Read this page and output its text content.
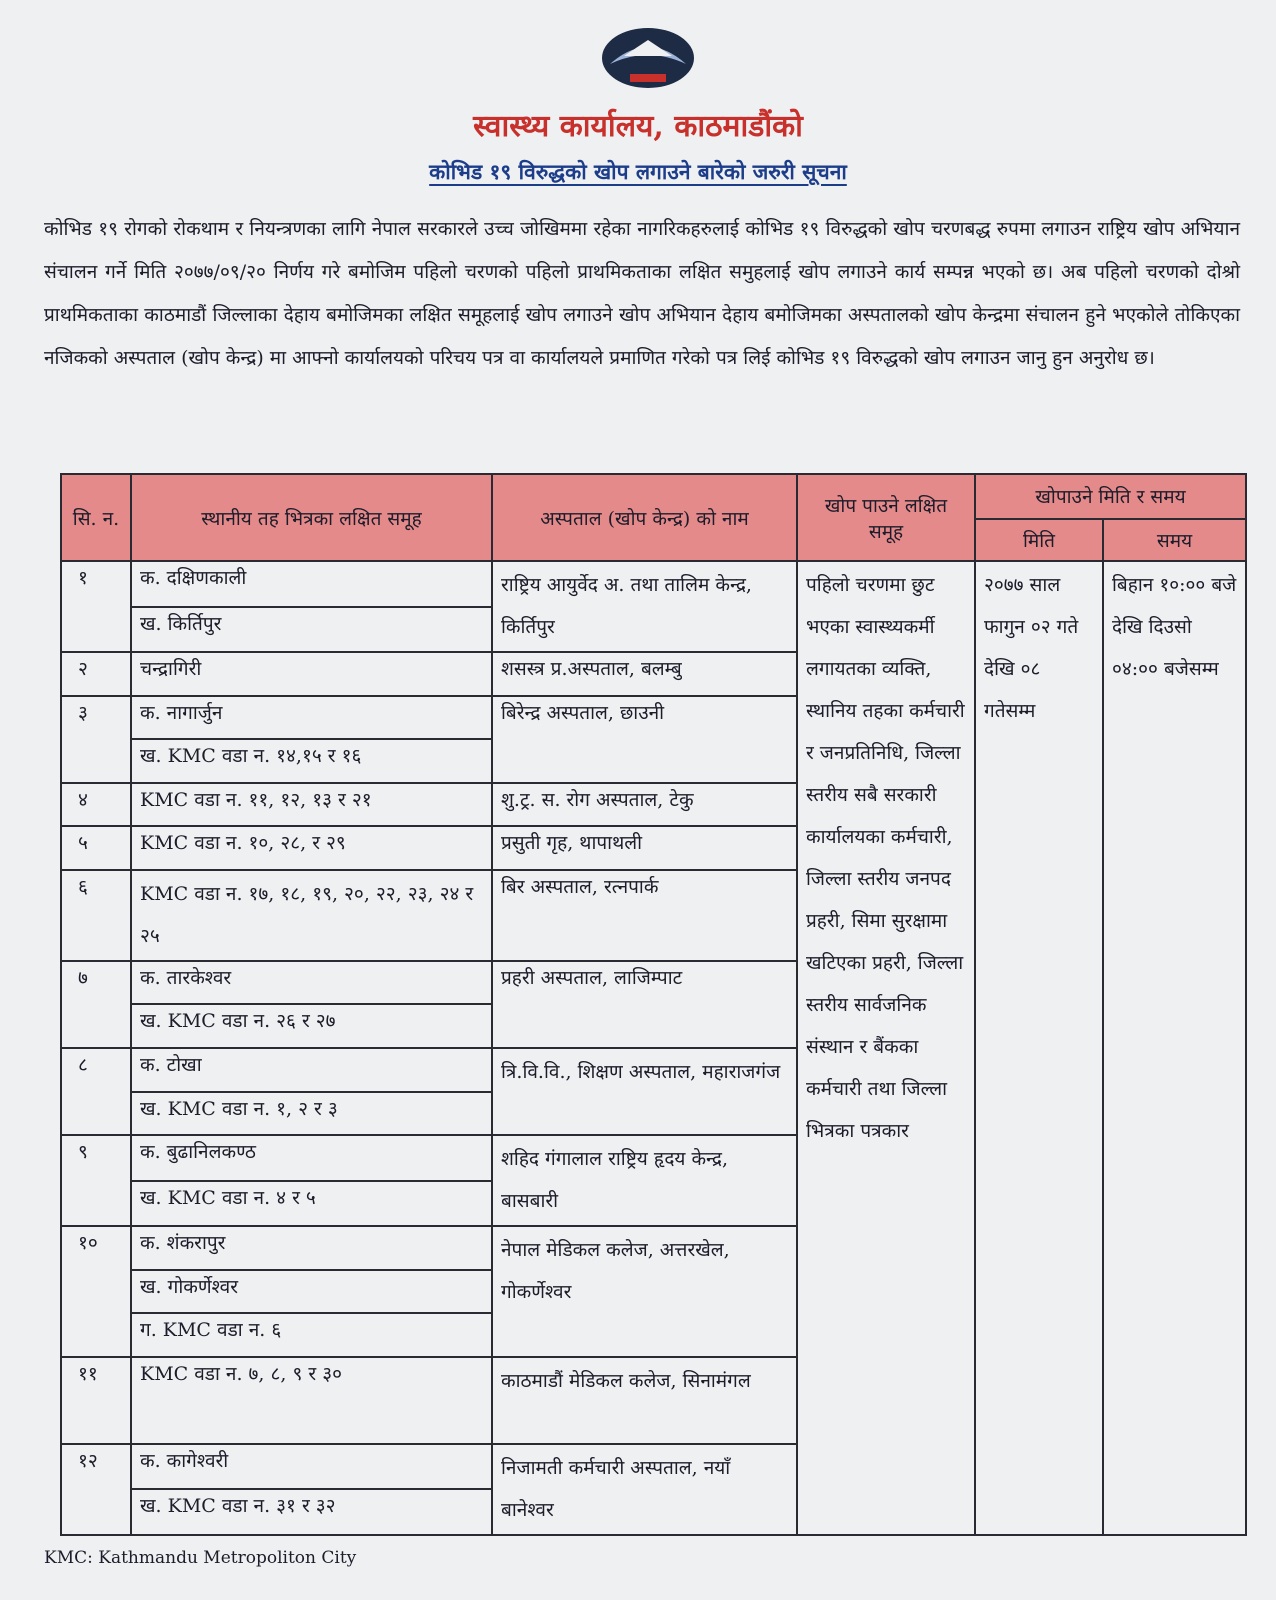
स्वास्थ्य कार्यालय, काठमाडौंको
कोभिड १९ विरुद्धको खोप लगाउने बारेको जरुरी सूचना
कोभिड १९ रोगको रोकथाम र नियन्त्रणका लागि नेपाल सरकारले उच्च जोखिममा रहेका नागरिकहरुलाई कोभिड १९ विरुद्धको खोप चरणबद्ध रुपमा लगाउन राष्ट्रिय खोप अभियान संचालन गर्ने मिति २०७७/०९/२० निर्णय गरे बमोजिम पहिलो चरणको पहिलो प्राथमिकताका लक्षित समुहलाई खोप लगाउने कार्य सम्पन्न भएको छ। अब पहिलो चरणको दोश्रो प्राथमिकताका काठमाडौं जिल्लाका देहाय बमोजिमका लक्षित समूहलाई खोप लगाउने खोप अभियान देहाय बमोजिमका अस्पतालको खोप केन्द्रमा संचालन हुने भएकोले तोकिएका नजिकको अस्पताल (खोप केन्द्र) मा आफ्नो कार्यालयको परिचय पत्र वा कार्यालयले प्रमाणित गरेको पत्र लिई कोभिड १९ विरुद्धको खोप लगाउन जानु हुन अनुरोध छ।
सि. न.	स्थानीय तह भित्रका लक्षित समूह	अस्पताल (खोप केन्द्र) को नाम	खोप पाउने लक्षित समूह	खोपाउने मिति र समय	
				मिति	समय
१	क. दक्षिणकाली	राष्ट्रिय आयुर्वेद अ. तथा तालिम केन्द्र, किर्तिपुर	पहिलो चरणमा छुट भएका स्वास्थ्यकर्मी लगायतका व्यक्ति, स्थानिय तहका कर्मचारी र जनप्रतिनिधि, जिल्ला स्तरीय सबै सरकारी कार्यालयका कर्मचारी, जिल्ला स्तरीय जनपद प्रहरी, सिमा सुरक्षामा खटिएका प्रहरी, जिल्ला स्तरीय सार्वजनिक संस्थान र बैंकका कर्मचारी तथा जिल्ला भित्रका पत्रकार	२०७७ साल फागुन ०२ गते देखि ०८ गतेसम्म	बिहान १०:०० बजे देखि दिउसो ०४:०० बजेसम्म
	ख. किर्तिपुर				
२	चन्द्रागिरी	शसस्त्र प्र.अस्पताल, बलम्बु			
३	क. नागार्जुन	बिरेन्द्र अस्पताल, छाउनी			
	ख. KMC वडा न. १४,१५ र १६				
४	KMC वडा न. ११, १२, १३ र २१	शु.ट्र. स. रोग अस्पताल, टेकु			
५	KMC वडा न. १०, २८, र २९	प्रसुती गृह, थापाथली			
६	KMC वडा न. १७, १८, १९, २०, २२, २३, २४ र २५	बिर अस्पताल, रत्नपार्क			
७	क. तारकेश्वर	प्रहरी अस्पताल, लाजिम्पाट			
	ख. KMC वडा न. २६ र २७				
८	क. टोखा	त्रि.वि.वि., शिक्षण अस्पताल, महाराजगंज			
	ख. KMC वडा न. १, २ र ३				
९	क. बुढानिलकण्ठ	शहिद गंगालाल राष्ट्रिय हृदय केन्द्र, बासबारी			
	ख. KMC वडा न. ४ र ५				
१०	क. शंकरापुर	नेपाल मेडिकल कलेज, अत्तरखेल, गोकर्णेश्वर			
	ख. गोकर्णेश्वर				
	ग. KMC वडा न. ६				
११	KMC वडा न. ७, ८, ९ र ३०	काठमाडौं मेडिकल कलेज, सिनामंगल			
१२	क. कागेश्वरी	निजामती कर्मचारी अस्पताल, नयाँ बानेश्वर			
	ख. KMC वडा न. ३१ र ३२				
KMC: Kathmandu Metropoliton City
